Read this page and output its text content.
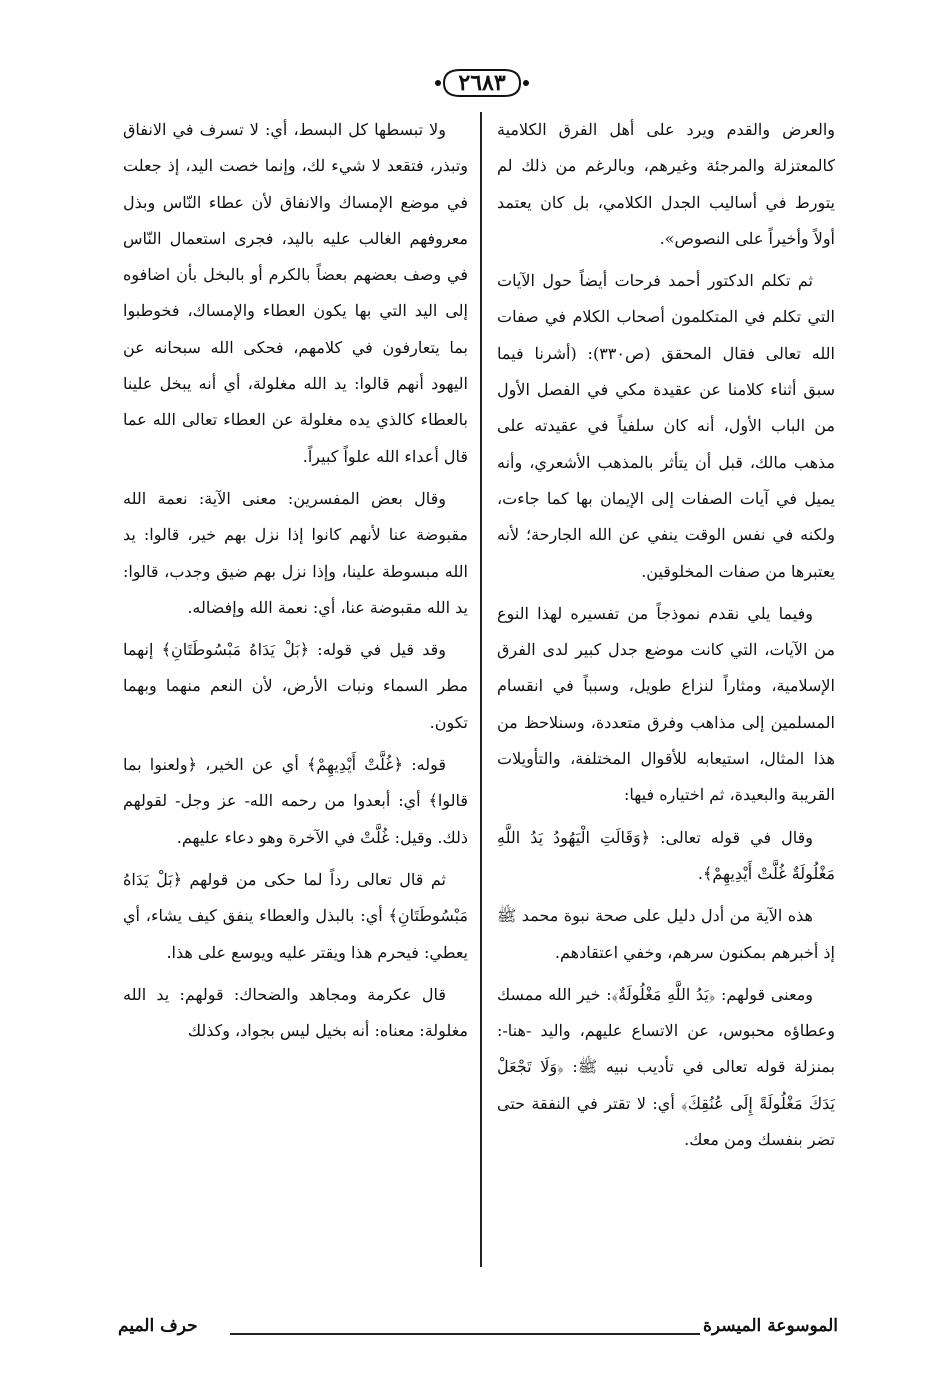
٢٦٨٣

والعرض والقدم ويرد على أهل الفرق الكلامية كالمعتزلة والمرجئة وغيرهم، وبالرغم من ذلك لم يتورط في أساليب الجدل الكلامي، بل كان يعتمد أولاً وأخيراً على النصوص».

ثم تكلم الدكتور أحمد فرحات أيضاً حول الآيات التي تكلم في المتكلمون أصحاب الكلام في صفات الله تعالى فقال المحقق (ص٣٣٠): (أشرنا فيما سبق أثناء كلامنا عن عقيدة مكي في الفصل الأول من الباب الأول، أنه كان سلفياً في عقيدته على مذهب مالك، قبل أن يتأثر بالمذهب الأشعري، وأنه يميل في آيات الصفات إلى الإيمان بها كما جاءت، ولكنه في نفس الوقت ينفي عن الله الجارحة؛ لأنه يعتبرها من صفات المخلوقين.

وفيما يلي نقدم نموذجاً من تفسيره لهذا النوع من الآيات، التي كانت موضع جدل كبير لدى الفرق الإسلامية، ومثاراً لنزاع طويل، وسبباً في انقسام المسلمين إلى مذاهب وفرق متعددة، وسنلاحظ من هذا المثال، استيعابه للأقوال المختلفة، والتأويلات القريبة والبعيدة، ثم اختياره فيها:

وقال في قوله تعالى: ﴿وَقَالَتِ الْيَهُودُ يَدُ اللَّهِ مَغْلُولَةٌ غُلَّتْ أَيْدِيهِمْ﴾.

هذه الآية من أدل دليل على صحة نبوة محمد ﷺ إذ أخبرهم بمكنون سرهم، وخفي اعتقادهم.

ومعنى قولهم: ﴿يَدُ اللَّهِ مَغْلُولَةٌ﴾: خير الله ممسك وعطاؤه محبوس، عن الاتساع عليهم، واليد -هنا-: بمنزلة قوله تعالى في تأديب نبيه ﷺ: ﴿وَلَا تَجْعَلْ يَدَكَ مَغْلُولَةً إِلَى عُنُقِكَ﴾ أي: لا تقتر في النفقة حتى تضر بنفسك ومن معك.

ولا تبسطها كل البسط، أي: لا تسرف في الانفاق وتبذر، فتقعد لا شيء لك، وإنما خصت اليد، إذ جعلت في موضع الإمساك والانفاق لأن عطاء النّاس وبذل معروفهم الغالب عليه باليد، فجرى استعمال النّاس في وصف بعضهم بعضاً بالكرم أو بالبخل بأن اضافوه إلى اليد التي بها يكون العطاء والإمساك، فخوطبوا بما يتعارفون في كلامهم، فحكى الله سبحانه عن اليهود أنهم قالوا: يد الله مغلولة، أي أنه يبخل علينا بالعطاء كالذي يده مغلولة عن العطاء تعالى الله عما قال أعداء الله علواً كبيراً.

وقال بعض المفسرين: معنى الآية: نعمة الله مقبوضة عنا لأنهم كانوا إذا نزل بهم خير، قالوا: يد الله مبسوطة علينا، وإذا نزل بهم ضيق وجدب، قالوا: يد الله مقبوضة عنا، أي: نعمة الله وإفضاله.

وقد قيل في قوله: ﴿بَلْ يَدَاهُ مَبْسُوطَتَانِ﴾ إنهما مطر السماء ونبات الأرض، لأن النعم منهما وبهما تكون.

قوله: ﴿غُلَّتْ أَيْدِيهِمْ﴾ أي عن الخير، ﴿ولعنوا بما قالوا﴾ أي: أبعدوا من رحمه الله- عز وجل- لقولهم ذلك. وقيل: غُلَّتْ في الآخرة وهو دعاء عليهم.

ثم قال تعالى رداً لما حكى من قولهم ﴿بَلْ يَدَاهُ مَبْسُوطَتَانِ﴾ أي: بالبذل والعطاء ينفق كيف يشاء، أي يعطي: فيحرم هذا ويقتر عليه ويوسع على هذا.

قال عكرمة ومجاهد والضحاك: قولهم: يد الله مغلولة: معناه: أنه بخيل ليس بجواد، وكذلك

الموسوعة الميسرة
حرف الميم
